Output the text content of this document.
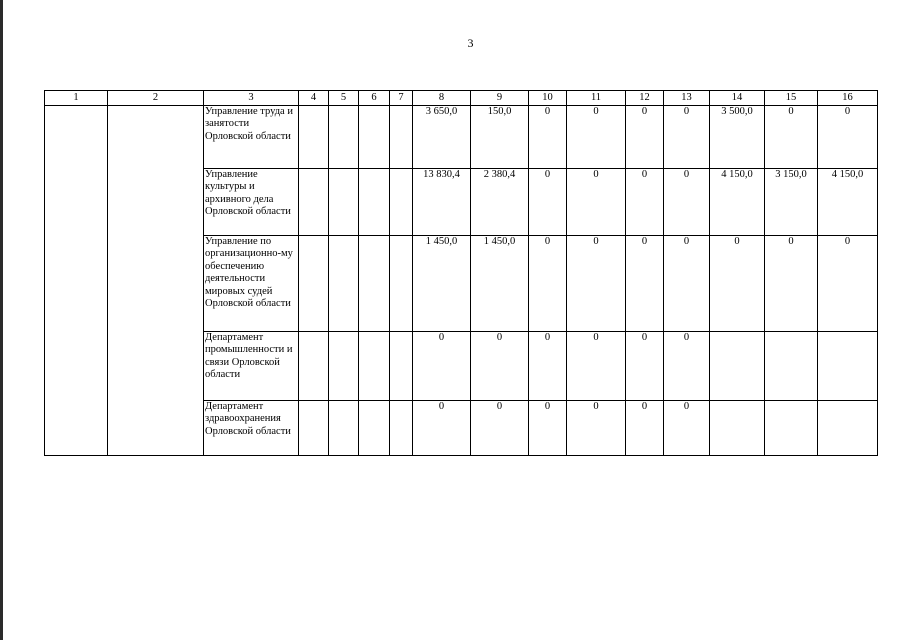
3
1	2	3	4	5	6	7	8	9	10	11	12	13	14	15	16
		Управление труда и занятости Орловской области					3 650,0	150,0	0	0	0	0	3 500,0	0	0
		Управление культуры и архивного дела Орловской области					13 830,4	2 380,4	0	0	0	0	4 150,0	3 150,0	4 150,0
		Управление по организационно-му обеспечению деятельности мировых судей Орловской области					1 450,0	1 450,0	0	0	0	0	0	0	0
		Департамент промышленности и связи Орловской области					0	0	0	0	0	0			
		Департамент здравоохранения Орловской области					0	0	0	0	0	0			
